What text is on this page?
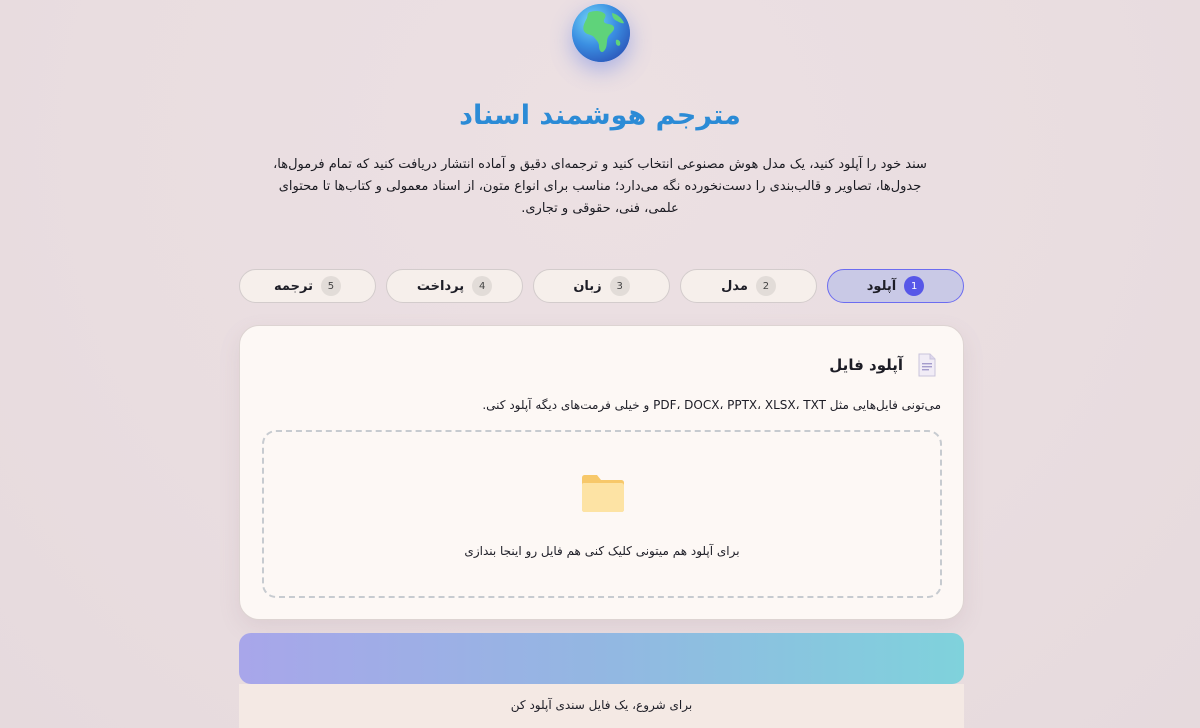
مترجم هوشمند اسناد
سند خود را آپلود کنید، یک مدل هوش مصنوعی انتخاب کنید و ترجمه‌ای دقیق و آماده انتشار دریافت کنید که تمام فرمول‌ها، جدول‌ها، تصاویر و قالب‌بندی را دست‌نخورده نگه می‌دارد؛ مناسب برای انواع متون، از اسناد معمولی و کتاب‌ها تا محتوای علمی، فنی، حقوقی و تجاری.
1
آپلود
2
مدل
3
زبان
4
پرداخت
5
ترجمه
آپلود فایل
می‌تونی فایل‌هایی مثل PDF، DOCX، PPTX، XLSX، TXT و خیلی فرمت‌های دیگه آپلود کنی.
برای آپلود هم میتونی کلیک کنی هم فایل رو اینجا بندازی
برای شروع، یک فایل سندی آپلود کن
